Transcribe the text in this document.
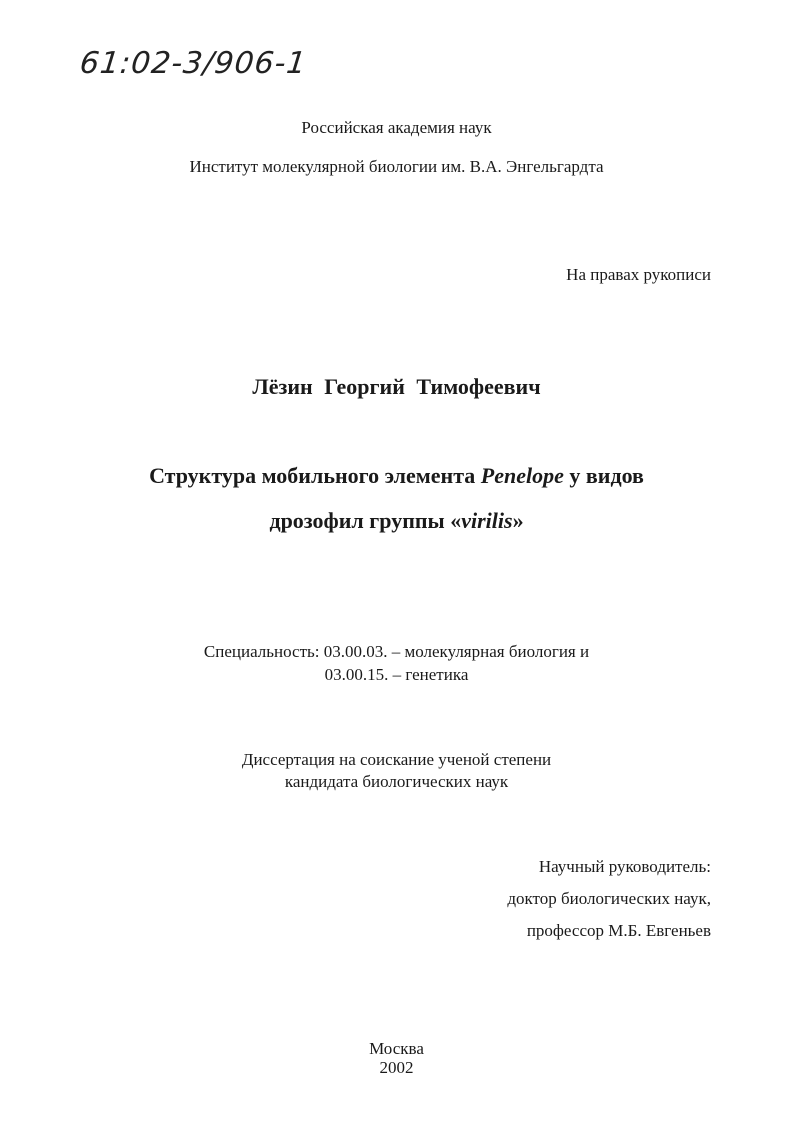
61:02-3/906-1
Российская академия наук
Институт молекулярной биологии им. В.А. Энгельгардта
На правах рукописи
Лёзин Георгий Тимофеевич
Структура мобильного элемента Penelope у видов
дрозофил группы «virilis»
Специальность: 03.00.03. – молекулярная биология и
03.00.15. – генетика
Диссертация на соискание ученой степени
кандидата биологических наук
Научный руководитель:
доктор биологических наук,
профессор М.Б. Евгеньев
Москва
2002
